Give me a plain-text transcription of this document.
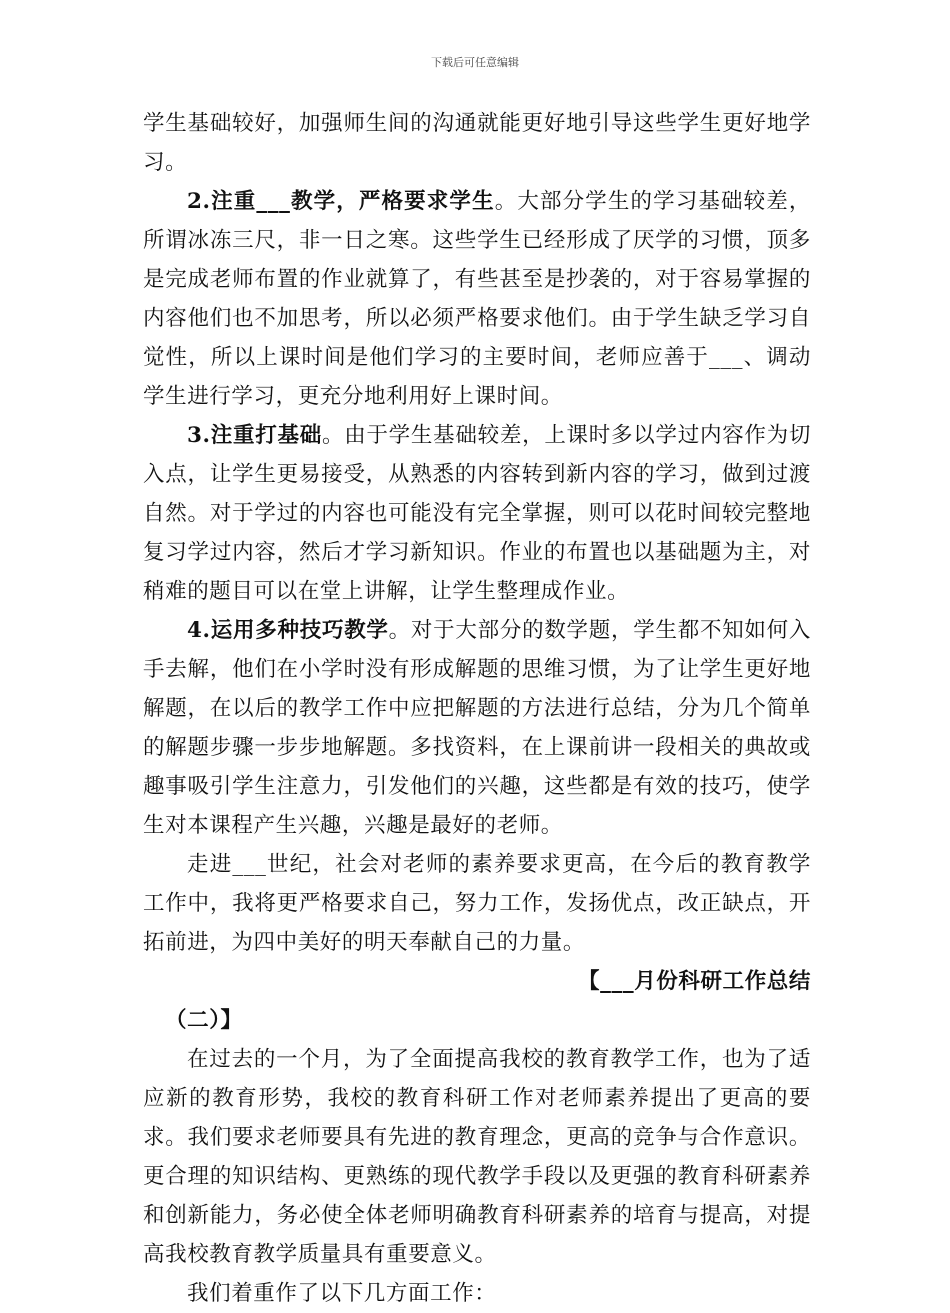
下载后可任意编辑

学生基础较好，加强师生间的沟通就能更好地引导这些学生更好地学习。

2.注重___教学，严格要求学生。大部分学生的学习基础较差，所谓冰冻三尺，非一日之寒。这些学生已经形成了厌学的习惯，顶多是完成老师布置的作业就算了，有些甚至是抄袭的，对于容易掌握的内容他们也不加思考，所以必须严格要求他们。由于学生缺乏学习自觉性，所以上课时间是他们学习的主要时间，老师应善于___、调动学生进行学习，更充分地利用好上课时间。

3.注重打基础。由于学生基础较差，上课时多以学过内容作为切入点，让学生更易接受，从熟悉的内容转到新内容的学习，做到过渡自然。对于学过的内容也可能没有完全掌握，则可以花时间较完整地复习学过内容，然后才学习新知识。作业的布置也以基础题为主，对稍难的题目可以在堂上讲解，让学生整理成作业。

4.运用多种技巧教学。对于大部分的数学题，学生都不知如何入手去解，他们在小学时没有形成解题的思维习惯，为了让学生更好地解题，在以后的教学工作中应把解题的方法进行总结，分为几个简单的解题步骤一步步地解题。多找资料，在上课前讲一段相关的典故或趣事吸引学生注意力，引发他们的兴趣，这些都是有效的技巧，使学生对本课程产生兴趣，兴趣是最好的老师。

走进___世纪，社会对老师的素养要求更高，在今后的教育教学工作中，我将更严格要求自己，努力工作，发扬优点，改正缺点，开拓前进，为四中美好的明天奉献自己的力量。

【___月份科研工作总结

（二）】

在过去的一个月，为了全面提高我校的教育教学工作，也为了适应新的教育形势，我校的教育科研工作对老师素养提出了更高的要求。我们要求老师要具有先进的教育理念，更高的竞争与合作意识。更合理的知识结构、更熟练的现代教学手段以及更强的教育科研素养和创新能力，务必使全体老师明确教育科研素养的培育与提高，对提高我校教育教学质量具有重要意义。

我们着重作了以下几方面工作：
